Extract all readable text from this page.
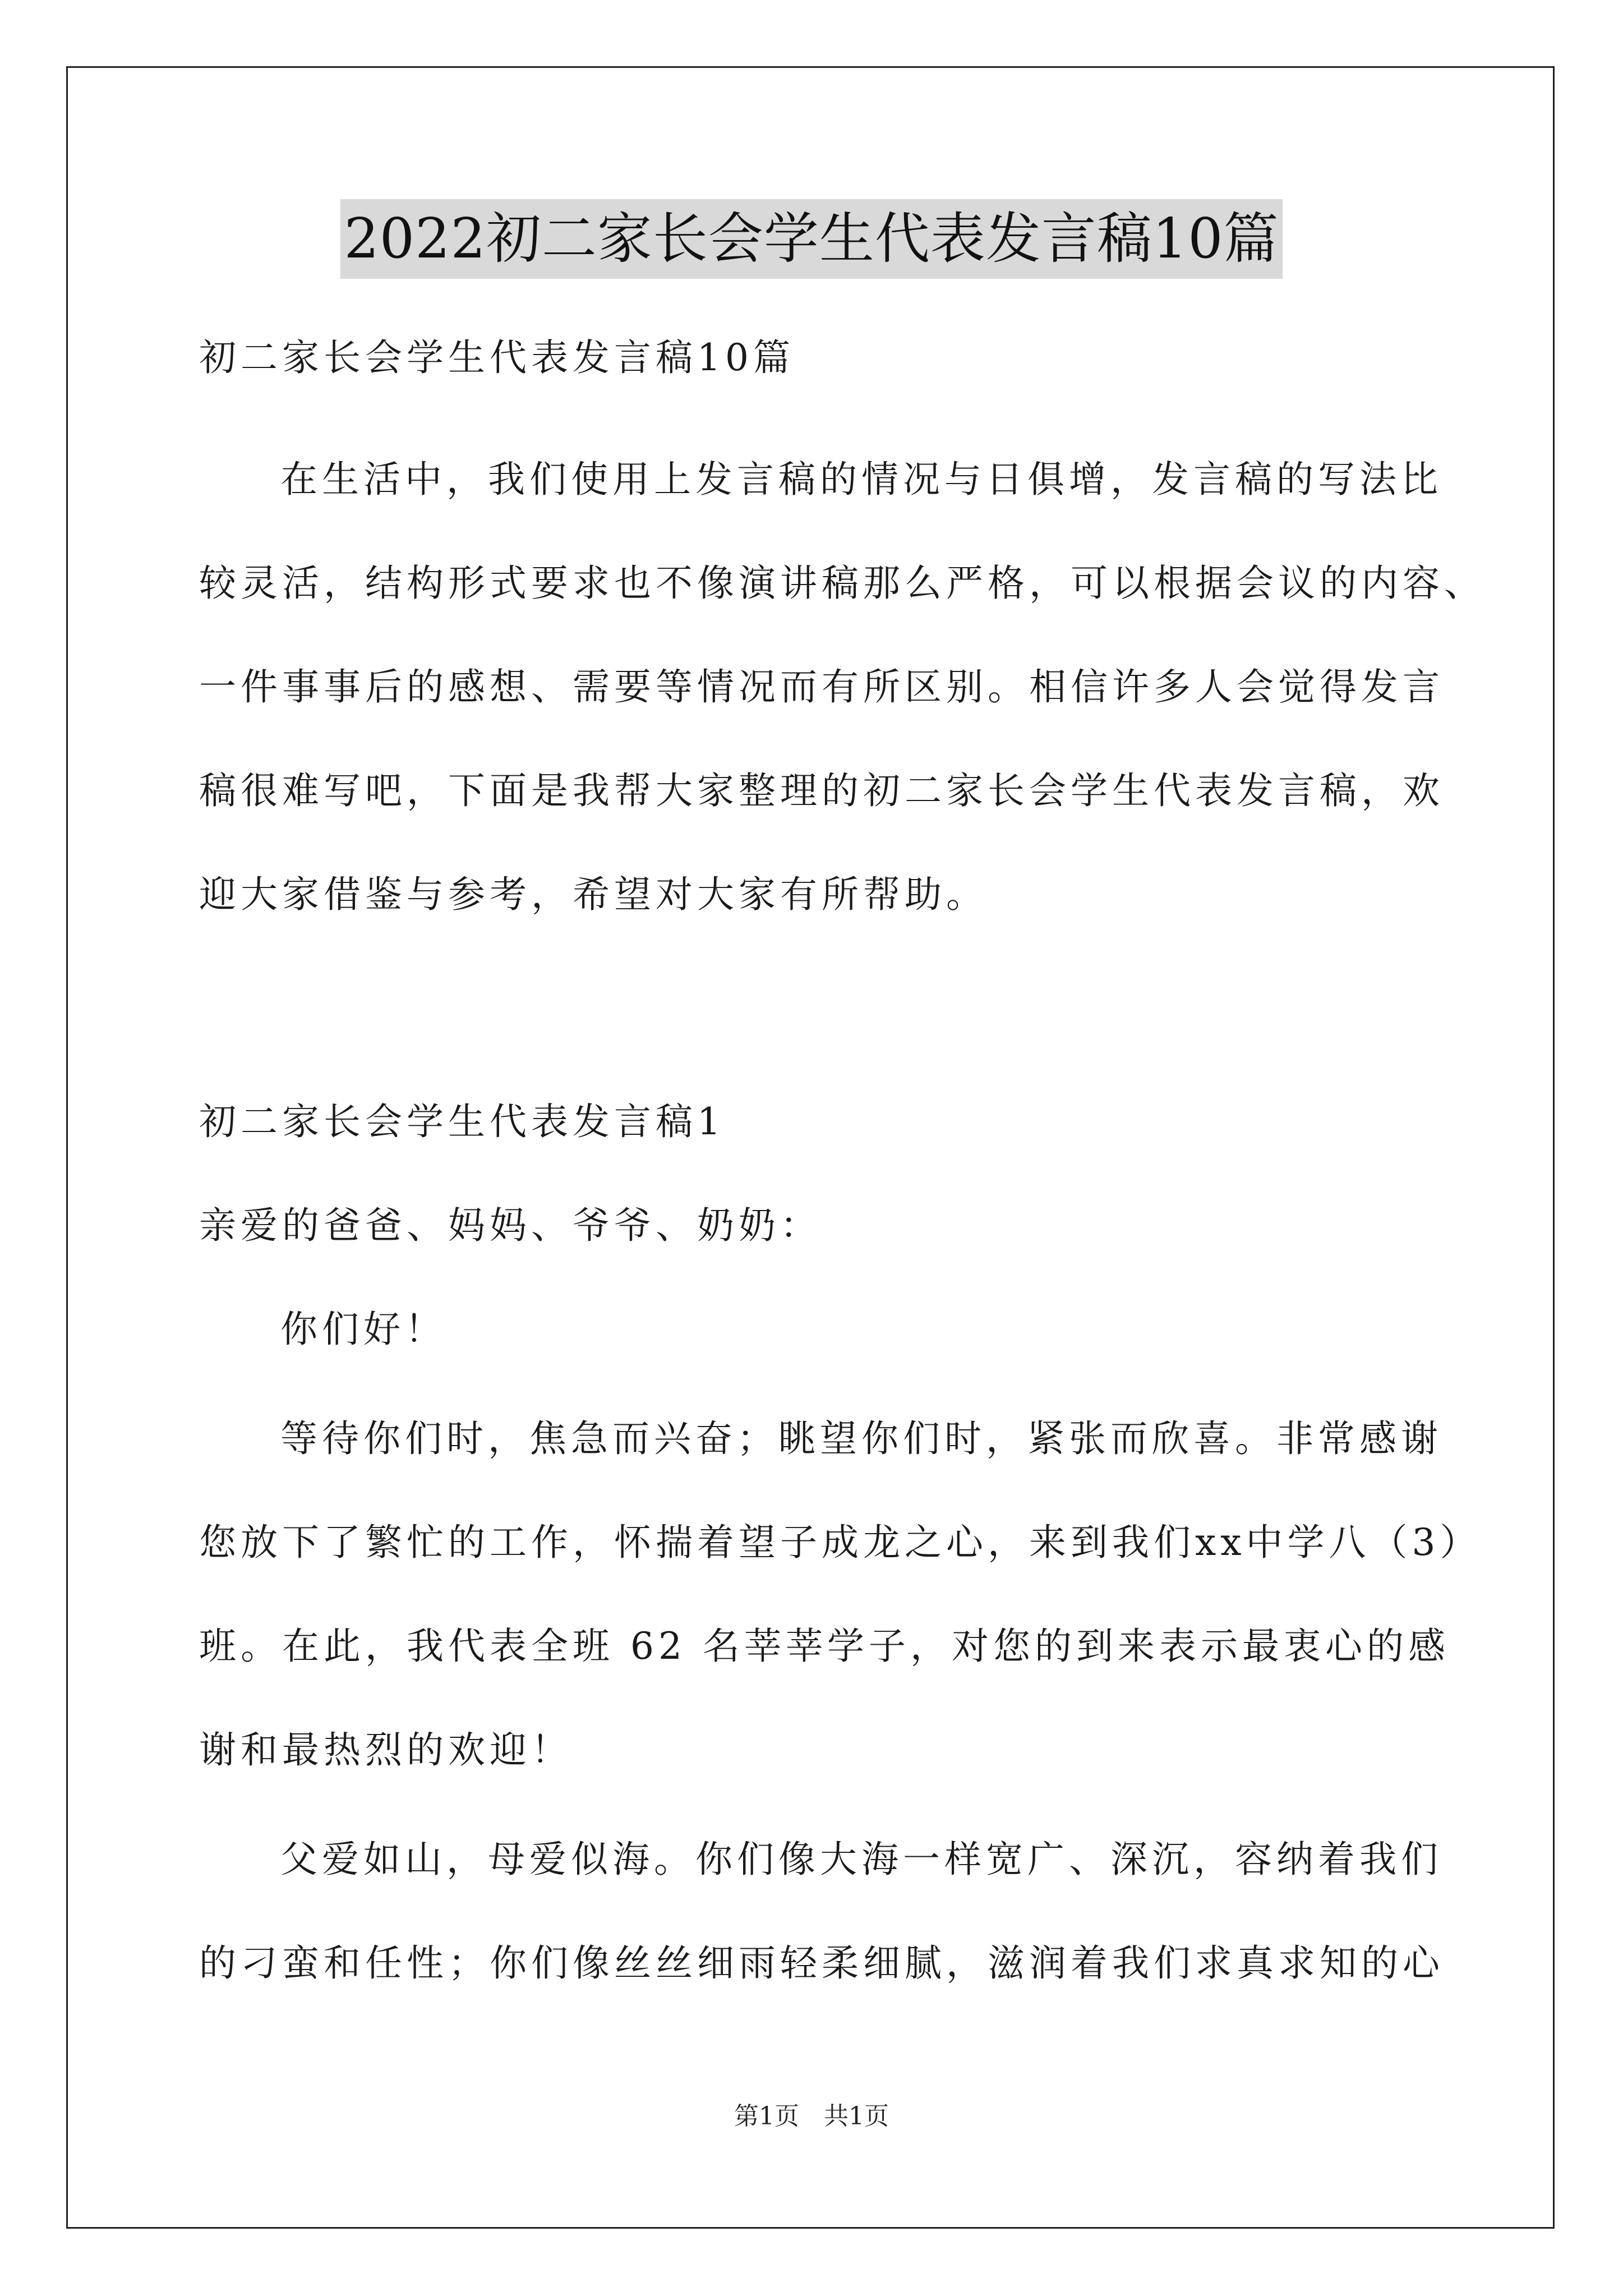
2022初二家长会学生代表发言稿10篇
初二家长会学生代表发言稿10篇
在生活中，我们使用上发言稿的情况与日俱增，发言稿的写法比
较灵活，结构形式要求也不像演讲稿那么严格，可以根据会议的内容、
一件事事后的感想、需要等情况而有所区别。相信许多人会觉得发言
稿很难写吧，下面是我帮大家整理的初二家长会学生代表发言稿，欢
迎大家借鉴与参考，希望对大家有所帮助。
初二家长会学生代表发言稿1
亲爱的爸爸、妈妈、爷爷、奶奶：
你们好！
等待你们时，焦急而兴奋；眺望你们时，紧张而欣喜。非常感谢
您放下了繁忙的工作，怀揣着望子成龙之心，来到我们xx中学八（3）
班。在此，我代表全班 62 名莘莘学子，对您的到来表示最衷心的感
谢和最热烈的欢迎！
父爱如山，母爱似海。你们像大海一样宽广、深沉，容纳着我们
的刁蛮和任性；你们像丝丝细雨轻柔细腻，滋润着我们求真求知的心
第1页　共1页
